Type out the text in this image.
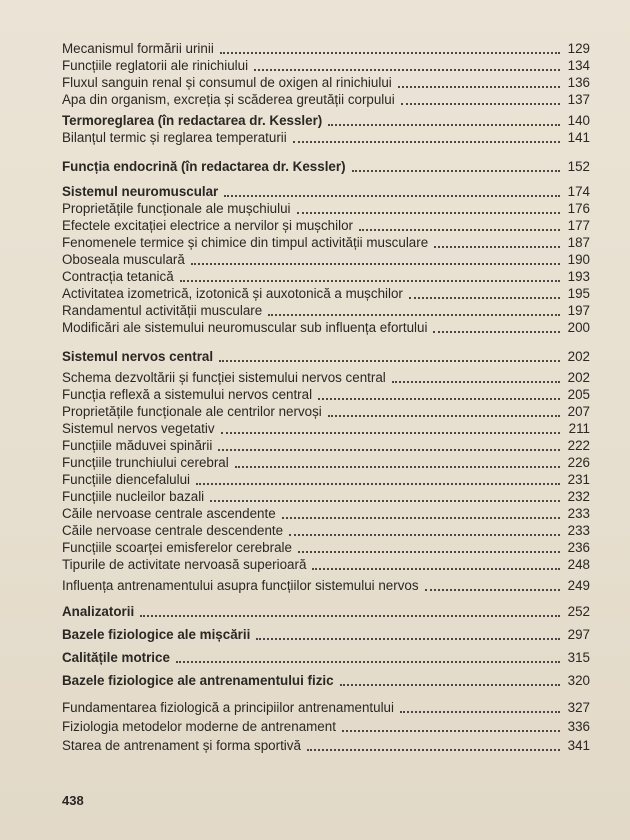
Mecanismul formării urinii	129
Funcțiile reglatorii ale rinichiului	134
Fluxul sanguin renal și consumul de oxigen al rinichiului	136
Apa din organism, excreția și scăderea greutății corpului	137
Termoreglarea (în redactarea dr. Kessler)	140
Bilanțul termic și reglarea temperaturii	141
Funcția endocrină (în redactarea dr. Kessler)	152
Sistemul neuromuscular	174
Proprietățile funcționale ale mușchiului	176
Efectele excitației electrice a nervilor și mușchilor	177
Fenomenele termice și chimice din timpul activității musculare	187
Oboseala musculară	190
Contracția tetanică	193
Activitatea izometrică, izotonică și auxotonică a mușchilor	195
Randamentul activității musculare	197
Modificări ale sistemului neuromuscular sub influența efortului	200
Sistemul nervos central	202
Schema dezvoltării și funcției sistemului nervos central	202
Funcția reflexă a sistemului nervos central	205
Proprietățile funcționale ale centrilor nervoși	207
Sistemul nervos vegetativ	211
Funcțiile măduvei spinării	222
Funcțiile trunchiului cerebral	226
Funcțiile diencefalului	231
Funcțiile nucleilor bazali	232
Căile nervoase centrale ascendente	233
Căile nervoase centrale descendente	233
Funcțiile scoarței emisferelor cerebrale	236
Tipurile de activitate nervoasă superioară	248
Influența antrenamentului asupra funcțiilor sistemului nervos	249
Analizatorii	252
Bazele fiziologice ale mișcării	297
Calitățile motrice	315
Bazele fiziologice ale antrenamentului fizic	320
Fundamentarea fiziologică a principiilor antrenamentului	327
Fiziologia metodelor moderne de antrenament	336
Starea de antrenament și forma sportivă	341
438
